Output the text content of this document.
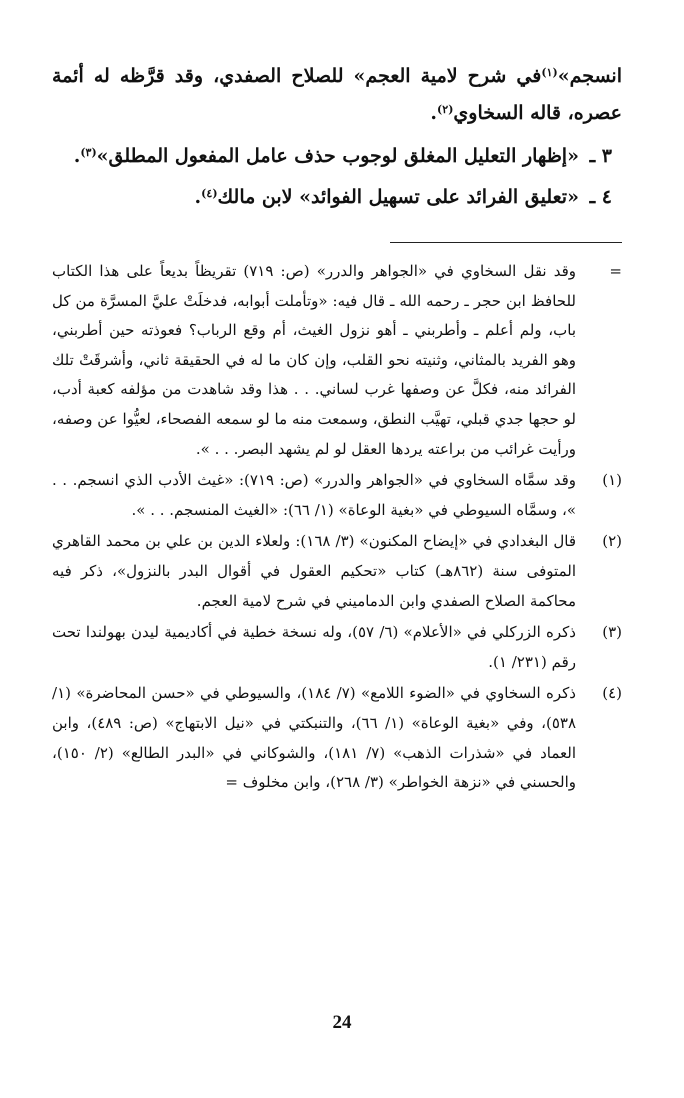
انسجم»$^{(١)}$في شرح لامية العجم» للصلاح الصفدي، وقد قرَّظه له أئمة عصره، قاله السخاوي$^{(٢)}$.

٣ ـ «إظهار التعليل المغلق لوجوب حذف عامل المفعول المطلق»$^{(٣)}$.

٤ ـ «تعليق الفرائد على تسهيل الفوائد» لابن مالك$^{(٤)}$.

=
وقد نقل السخاوي في «الجواهر والدرر» (ص: ٧١٩) تقريظاً بديعاً على هذا الكتاب للحافظ ابن حجر ـ رحمه الله ـ قال فيه: «وتأملت أبوابه، فدخلَتْ عليَّ المسرَّة من كل باب، ولم أعلم ـ وأطربني ـ أهو نزول الغيث، أم وقع الرباب؟ فعوذته حين أطربني، وهو الفريد بالمثاني، وثنيته نحو القلب، وإن كان ما له في الحقيقة ثاني، وأشرقَتْ تلك الفرائد منه، فكلَّ عن وصفها غرب لساني. . . هذا وقد شاهدت من مؤلفه كعبة أدب، لو حجها جدي قبلي، تهيَّب النطق، وسمعت منه ما لو سمعه الفصحاء، لعيُّوا عن وصفه، ورأيت غرائب من براعته يردها العقل لو لم يشهد البصر. . . ».
(١)
وقد سمَّاه السخاوي في «الجواهر والدرر» (ص: ٧١٩): «غيث الأدب الذي انسجم. . . »، وسمَّاه السيوطي في «بغية الوعاة» (١/ ٦٦): «الغيث المنسجم. . . ».
(٢)
قال البغدادي في «إيضاح المكنون» (٣/ ١٦٨): ولعلاء الدين بن علي بن محمد القاهري المتوفى سنة (٨٦٢هـ) كتاب «تحكيم العقول في أقوال البدر بالنزول»، ذكر فيه محاكمة الصلاح الصفدي وابن الدماميني في شرح لامية العجم.
(٣)
ذكره الزركلي في «الأعلام» (٦/ ٥٧)، وله نسخة خطية في أكاديمية ليدن بهولندا تحت رقم (٢٣١/ ١).
(٤)
ذكره السخاوي في «الضوء اللامع» (٧/ ١٨٤)، والسيوطي في «حسن المحاضرة» (١/ ٥٣٨)، وفي «بغية الوعاة» (١/ ٦٦)، والتنبكتي في «نيل الابتهاج» (ص: ٤٨٩)، وابن العماد في «شذرات الذهب» (٧/ ١٨١)، والشوكاني في «البدر الطالع» (٢/ ١٥٠)، والحسني في «نزهة الخواطر» (٣/ ٢٦٨)، وابن مخلوف =
24
